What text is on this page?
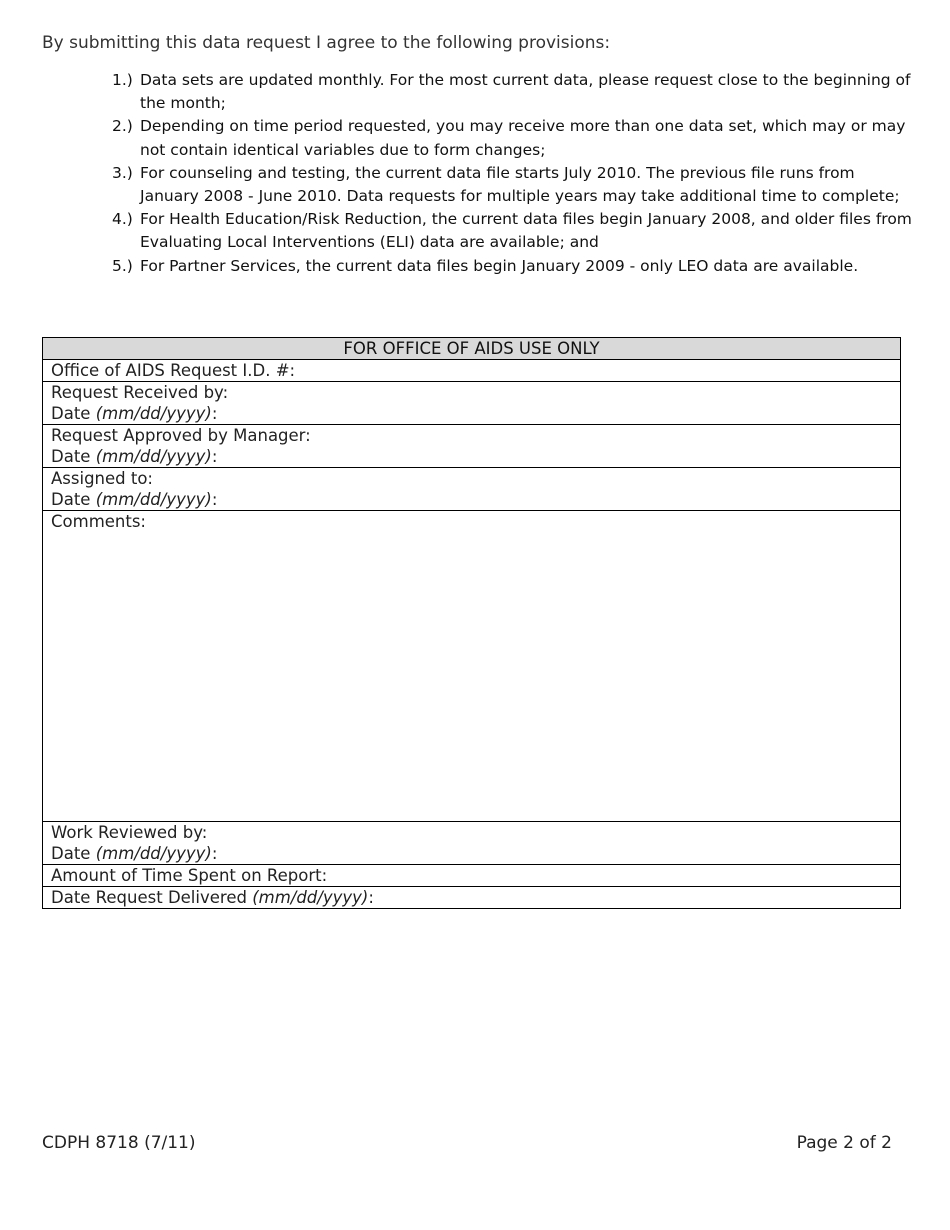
By submitting this data request I agree to the following provisions:
1.) Data sets are updated monthly. For the most current data, please request close to the beginning of the month;
2.) Depending on time period requested, you may receive more than one data set, which may or may not contain identical variables due to form changes;
3.) For counseling and testing, the current data file starts July 2010. The previous file runs from January 2008 - June 2010. Data requests for multiple years may take additional time to complete;
4.) For Health Education/Risk Reduction, the current data files begin January 2008, and older files from Evaluating Local Interventions (ELI) data are available; and
5.) For Partner Services, the current data files begin January 2009 - only LEO data are available.
FOR OFFICE OF AIDS USE ONLY
Office of AIDS Request I.D. #:

Request Received by:
Date (mm/dd/yyyy):

Request Approved by Manager:
Date (mm/dd/yyyy):

Assigned to:
Date (mm/dd/yyyy):

Comments:

Work Reviewed by:
Date (mm/dd/yyyy):

Amount of Time Spent on Report:
Date Request Delivered (mm/dd/yyyy):
CDPH 8718 (7/11)	Page 2 of 2
